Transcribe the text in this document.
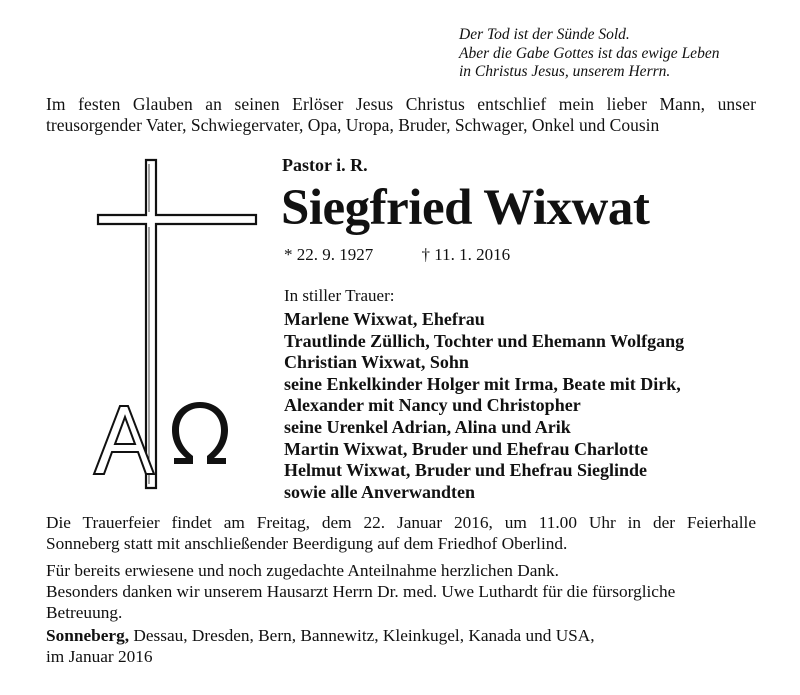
Der Tod ist der Sünde Sold.
Aber die Gabe Gottes ist das ewige Leben
in Christus Jesus, unserem Herrn.
Im festen Glauben an seinen Erlöser Jesus Christus entschlief mein lieber Mann, unser
treusorgender Vater, Schwiegervater, Opa, Uropa, Bruder, Schwager, Onkel und Cousin
Pastor i. R.
Siegfried Wixwat
* 22. 9. 1927	† 11. 1. 2016
In stiller Trauer:
Marlene Wixwat, Ehefrau
Trautlinde Züllich, Tochter und Ehemann Wolfgang
Christian Wixwat, Sohn
seine Enkelkinder Holger mit Irma, Beate mit Dirk,
Alexander mit Nancy und Christopher
seine Urenkel Adrian, Alina und Arik
Martin Wixwat, Bruder und Ehefrau Charlotte
Helmut Wixwat, Bruder und Ehefrau Sieglinde
sowie alle Anverwandten
Die Trauerfeier findet am Freitag, dem 22. Januar 2016, um 11.00 Uhr in der Feierhalle
Sonneberg statt mit anschließender Beerdigung auf dem Friedhof Oberlind.
Für bereits erwiesene und noch zugedachte Anteilnahme herzlichen Dank.
Besonders danken wir unserem Hausarzt Herrn Dr. med. Uwe Luthardt für die fürsorgliche
Betreuung.
Sonneberg, Dessau, Dresden, Bern, Bannewitz, Kleinkugel, Kanada und USA,
im Januar 2016
